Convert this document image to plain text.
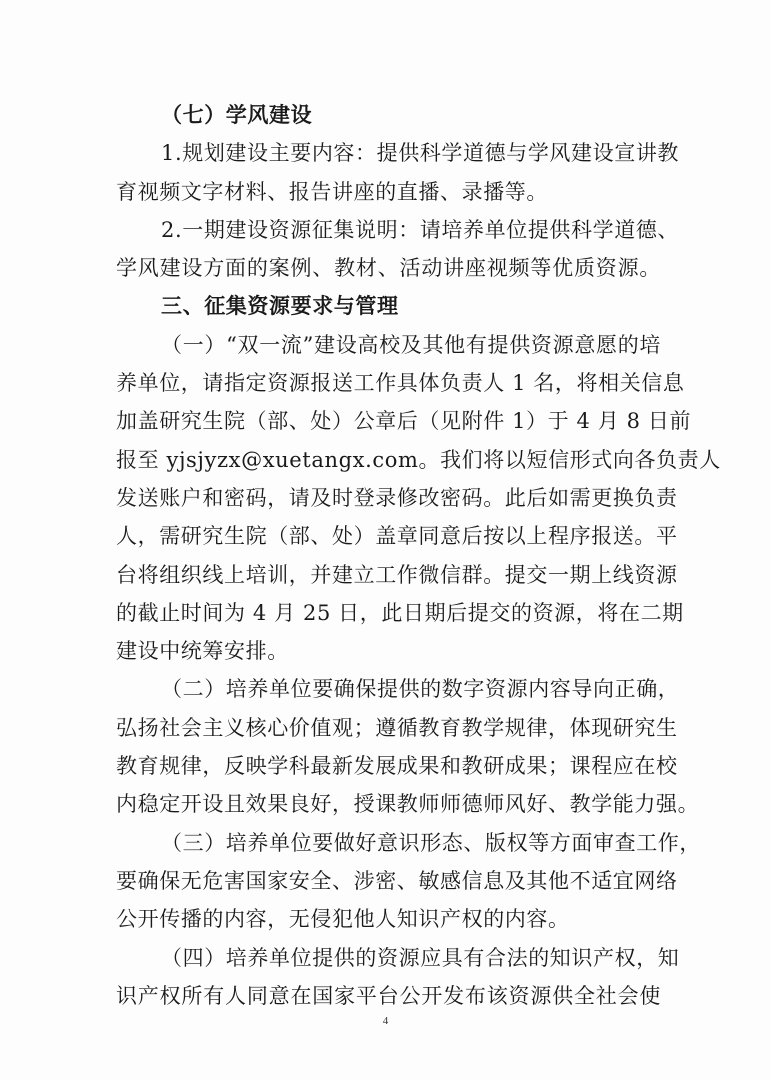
（七）学风建设
1.规划建设主要内容：提供科学道德与学风建设宣讲教
育视频文字材料、报告讲座的直播、录播等。
2.一期建设资源征集说明：请培养单位提供科学道德、
学风建设方面的案例、教材、活动讲座视频等优质资源。
三、征集资源要求与管理
（一）“双一流”建设高校及其他有提供资源意愿的培
养单位，请指定资源报送工作具体负责人 1 名，将相关信息
加盖研究生院（部、处）公章后（见附件 1）于 4 月 8 日前
报至 yjsjyzx@xuetangx.com。我们将以短信形式向各负责人
发送账户和密码，请及时登录修改密码。此后如需更换负责
人，需研究生院（部、处）盖章同意后按以上程序报送。平
台将组织线上培训，并建立工作微信群。提交一期上线资源
的截止时间为 4 月 25 日，此日期后提交的资源，将在二期
建设中统筹安排。
（二）培养单位要确保提供的数字资源内容导向正确，
弘扬社会主义核心价值观；遵循教育教学规律，体现研究生
教育规律，反映学科最新发展成果和教研成果；课程应在校
内稳定开设且效果良好，授课教师师德师风好、教学能力强。
（三）培养单位要做好意识形态、版权等方面审查工作，
要确保无危害国家安全、涉密、敏感信息及其他不适宜网络
公开传播的内容，无侵犯他人知识产权的内容。
（四）培养单位提供的资源应具有合法的知识产权，知
识产权所有人同意在国家平台公开发布该资源供全社会使
4
